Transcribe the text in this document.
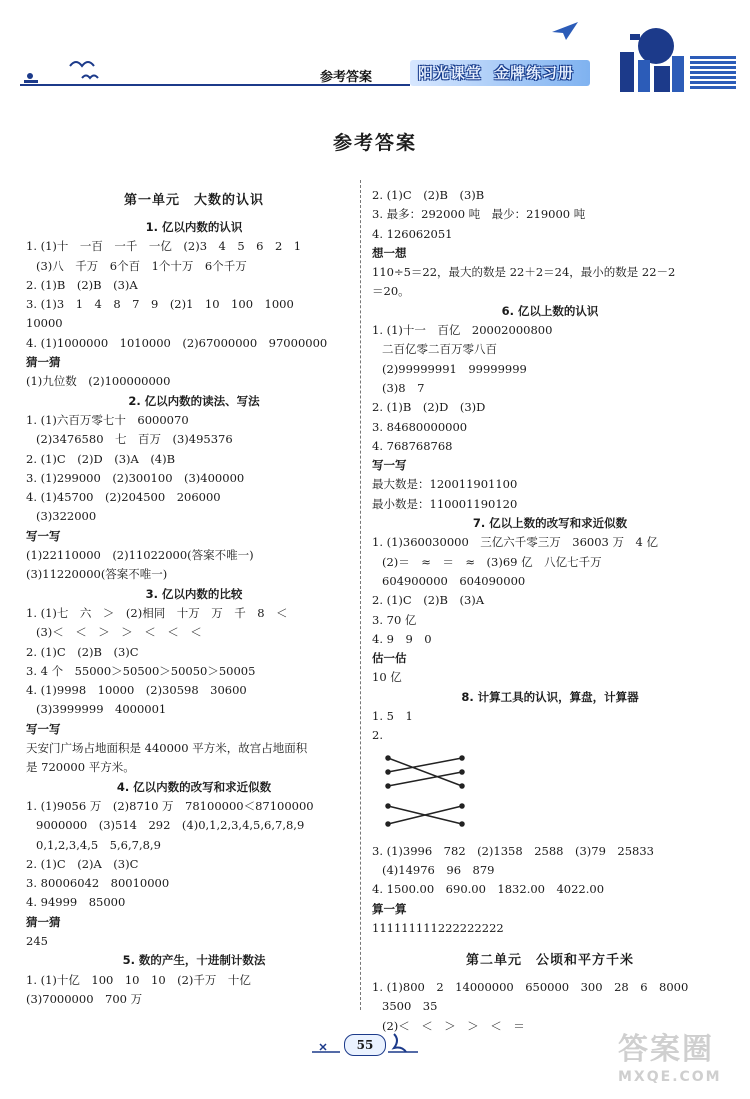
参考答案	阳光课堂 金牌练习册
参考答案
第一单元　大数的认识
1. 亿以内数的认识
1. (1)十　一百　一千　一亿　(2)3　4　5　6　2　1
(3)八　千万　6个百　1个十万　6个千万
2. (1)B　(2)B　(3)A
3. (1)3　1　4　8　7　9　(2)1　10　100　1000
10000
4. (1)1000000　1010000　(2)67000000　97000000
猜一猜
(1)九位数　(2)100000000
2. 亿以内数的读法、写法
1. (1)六百万零七十　6000070
(2)3476580　七　百万　(3)495376
2. (1)C　(2)D　(3)A　(4)B
3. (1)299000　(2)300100　(3)400000
4. (1)45700　(2)204500　206000
(3)322000
写一写
(1)22110000　(2)11022000(答案不唯一)
(3)11220000(答案不唯一)
3. 亿以内数的比较
1. (1)七　六　＞　(2)相同　十万　万　千　8　＜
(3)＜　＜　＞　＞　＜　＜　＜
2. (1)C　(2)B　(3)C
3. 4 个　55000＞50500＞50050＞50005
4. (1)9998　10000　(2)30598　30600
(3)3999999　4000001
写一写
天安门广场占地面积是 440000 平方米，故宫占地面积
是 720000 平方米。
4. 亿以内数的改写和求近似数
1. (1)9056 万　(2)8710 万　78100000＜87100000
9000000　(3)514　292　(4)0,1,2,3,4,5,6,7,8,9
0,1,2,3,4,5　5,6,7,8,9
2. (1)C　(2)A　(3)C
3. 80006042　80010000
4. 94999　85000
猜一猜
245
5. 数的产生，十进制计数法
1. (1)十亿　100　10　10　(2)千万　十亿
(3)7000000　700 万
2. (1)C　(2)B　(3)B
3. 最多：292000 吨　最少：219000 吨
4. 126062051
想一想
110÷5＝22，最大的数是 22＋2＝24，最小的数是 22－2
＝20。
6. 亿以上数的认识
1. (1)十一　百亿　20002000800
二百亿零二百万零八百
(2)99999991　99999999
(3)8　7
2. (1)B　(2)D　(3)D
3. 84680000000
4. 768768768
写一写
最大数是：120011901100
最小数是：110001190120
7. 亿以上数的改写和求近似数
1. (1)360030000　三亿六千零三万　36003 万　4 亿
(2)＝　≈　＝　≈　(3)69 亿　八亿七千万
604900000　604090000
2. (1)C　(2)B　(3)A
3. 70 亿
4. 9　9　0
估一估
10 亿
8. 计算工具的认识，算盘，计算器
1. 5　1
2.
3. (1)3996　782　(2)1358　2588　(3)79　25833
(4)14976　96　879
4. 1500.00　690.00　1832.00　4022.00
算一算
111111111222222222
第二单元　公顷和平方千米
1. (1)800　2　14000000　650000　300　28　6　8000
3500　35
(2)＜　＜　＞　＞　＜　＝
55	答案圈
MXQE.COM
